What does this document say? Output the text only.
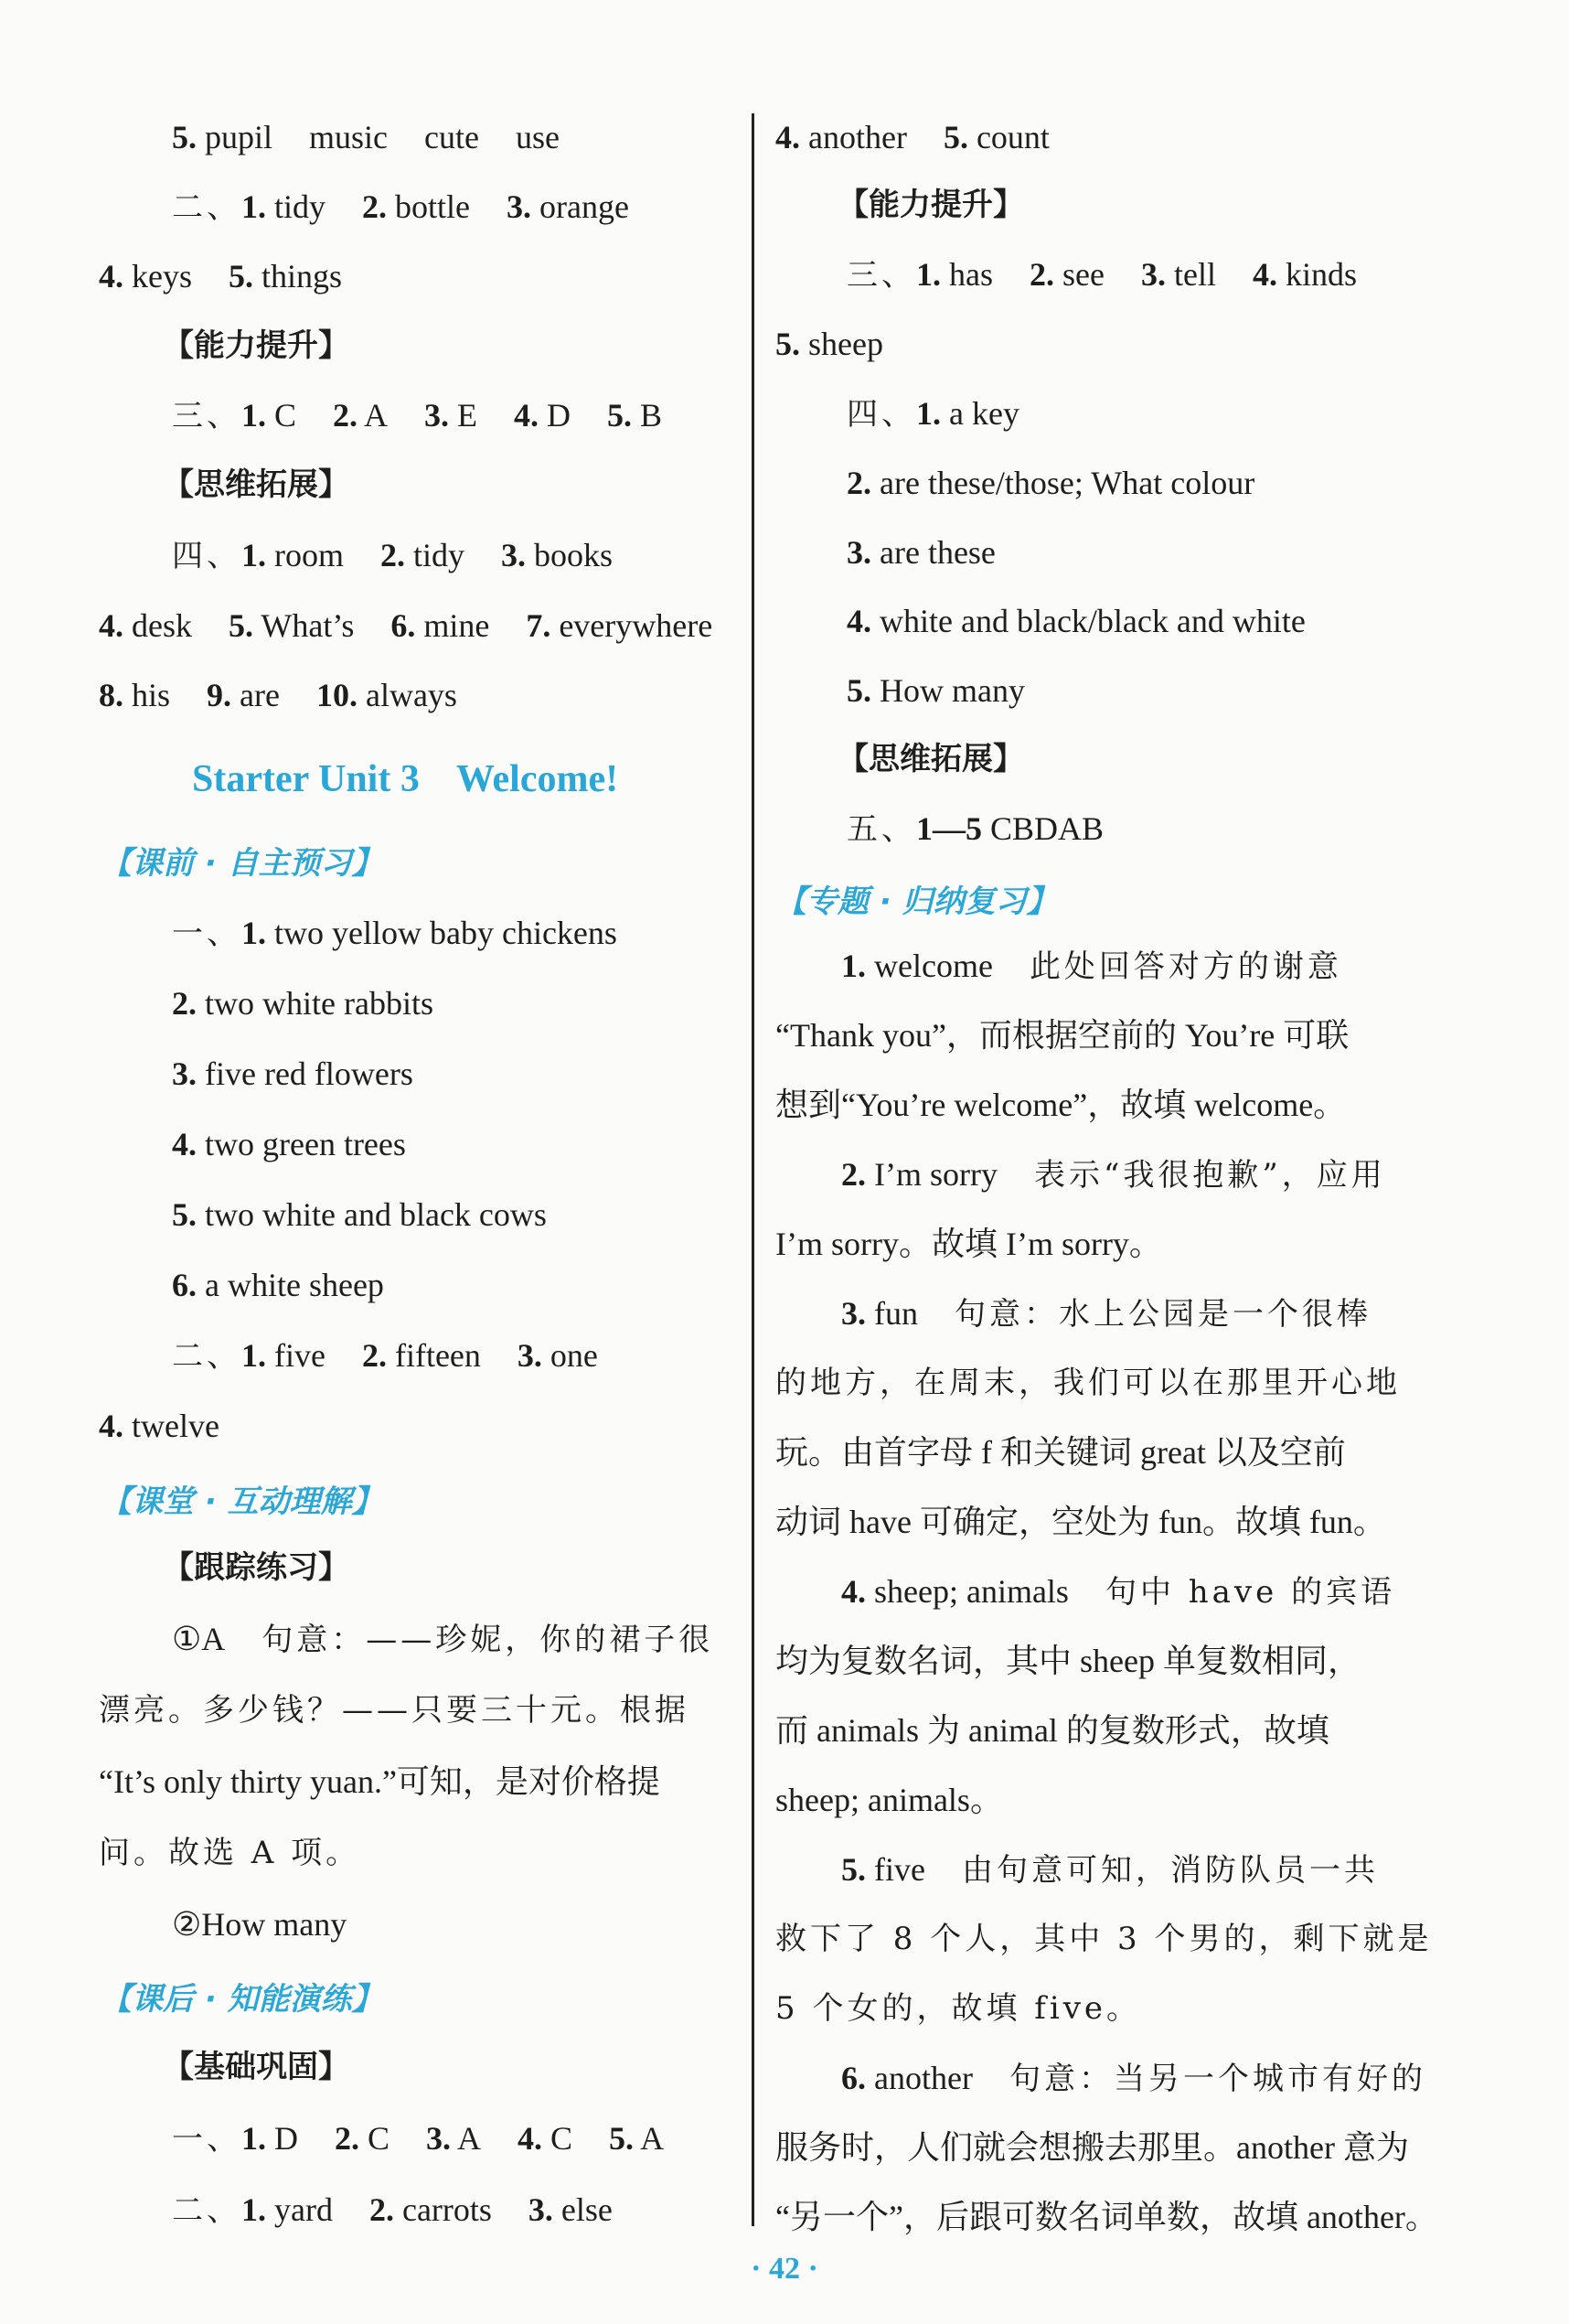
5. pupil music cute use
二、1. tidy 2. bottle 3. orange
4. keys 5. things
【能力提升】
三、1. C 2. A 3. E 4. D 5. B
【思维拓展】
四、1. room 2. tidy 3. books
4. desk 5. What’s 6. mine 7. everywhere
8. his 9. are 10. always
Starter Unit 3 Welcome!
【课前 · 自主预习】
一、1. two yellow baby chickens
2. two white rabbits
3. five red flowers
4. two green trees
5. two white and black cows
6. a white sheep
二、1. five 2. fifteen 3. one
4. twelve
【课堂 · 互动理解】
【跟踪练习】
①A 句意：——珍妮，你的裙子很
漂亮。多少钱？——只要三十元。根据
“It’s only thirty yuan.”可知，是对价格提
问。故选 A 项。
②How many
【课后 · 知能演练】
【基础巩固】
一、1. D 2. C 3. A 4. C 5. A
二、1. yard 2. carrots 3. else
4. another 5. count
【能力提升】
三、1. has 2. see 3. tell 4. kinds
5. sheep
四、1. a key
2. are these/those; What colour
3. are these
4. white and black/black and white
5. How many
【思维拓展】
五、1—5 CBDAB
【专题 · 归纳复习】
1. welcome 此处回答对方的谢意
“Thank you”，而根据空前的 You’re 可联
想到“You’re welcome”，故填 welcome。
2. I’m sorry 表示“我很抱歉”，应用
I’m sorry。故填 I’m sorry。
3. fun 句意：水上公园是一个很棒
的地方，在周末，我们可以在那里开心地
玩。由首字母 f 和关键词 great 以及空前
动词 have 可确定，空处为 fun。故填 fun。
4. sheep; animals 句中 have 的宾语
均为复数名词，其中 sheep 单复数相同，
而 animals 为 animal 的复数形式，故填
sheep; animals。
5. five 由句意可知，消防队员一共
救下了 8 个人，其中 3 个男的，剩下就是
5 个女的，故填 five。
6. another 句意：当另一个城市有好的
服务时，人们就会想搬去那里。another 意为
“另一个”，后跟可数名词单数，故填 another。
· 42 ·
